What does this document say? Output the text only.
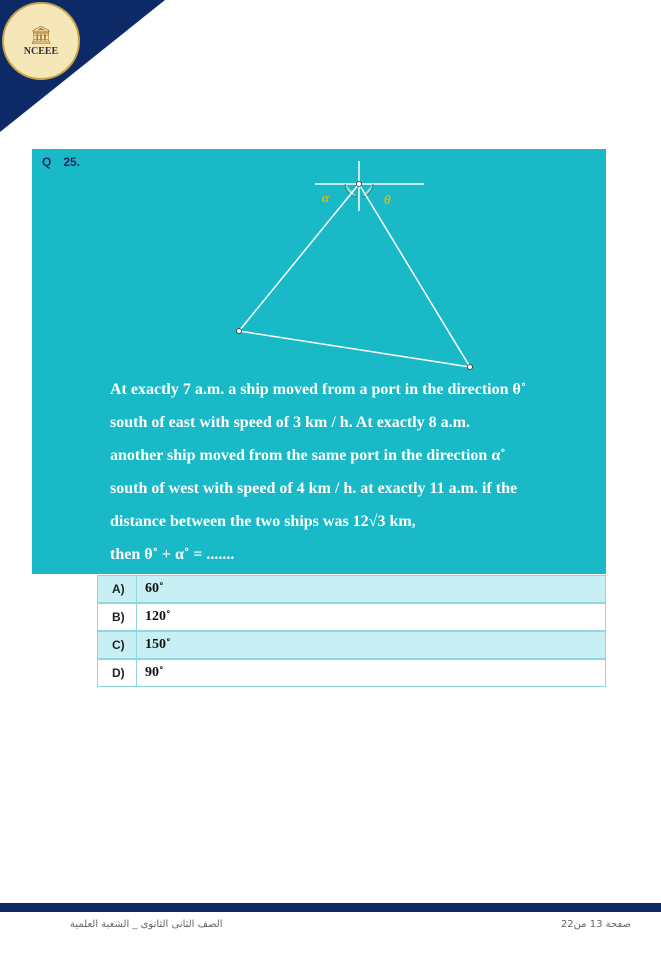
🏛
NCEEE
Q 25.
α	θ

At exactly 7 a.m. a ship moved from a port in the direction θ˚

south of east with speed of 3 km / h. At exactly 8 a.m.

another ship moved from the same port in the direction α˚

south of west with speed of 4 km / h. at exactly 11 a.m. if the

distance between the two ships was 12√3 km,

then θ˚ + α˚ = .......

A)	60˚
B)	120˚
C)	150˚
D)	90˚
الصف الثانى الثانوى _ الشعبة العلمية	صفحة 13 من22
